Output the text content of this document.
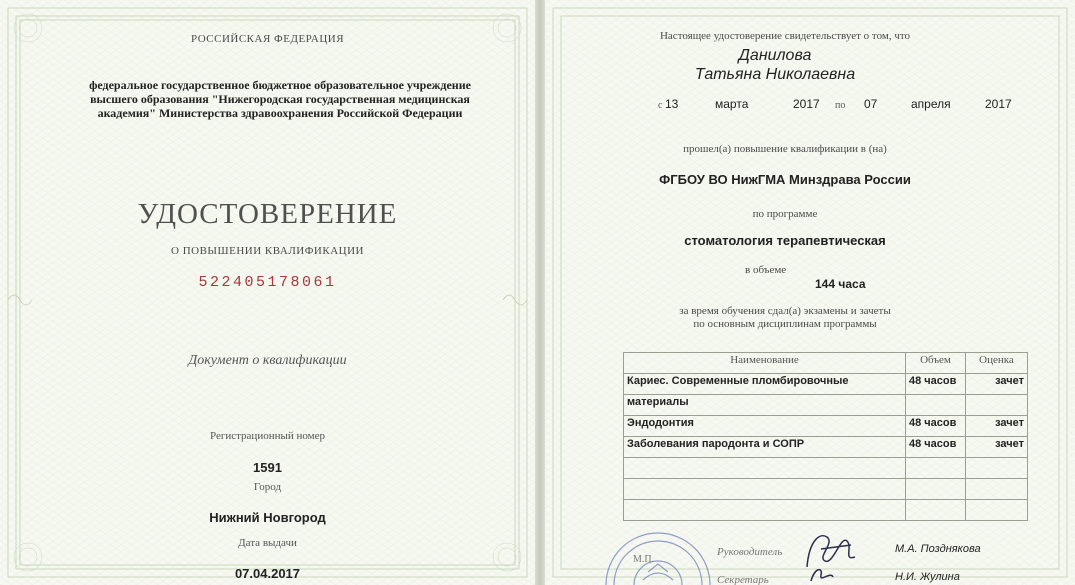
РОССИЙСКАЯ ФЕДЕРАЦИЯ
федеральное государственное бюджетное образовательное учреждение высшего образования "Нижегородская государственная медицинская академия" Министерства здравоохранения Российской Федерации
УДОСТОВЕРЕНИЕ
О ПОВЫШЕНИИ КВАЛИФИКАЦИИ
522405178061
Документ о квалификации
Регистрационный номер
1591
Город
Нижний Новгород
Дата выдачи
07.04.2017
Настоящее удостоверение свидетельствует о том, что
Данилова
Татьяна Николаевна
с 13	марта	2017 по 07	апреля	2017
прошел(а) повышение квалификации в (на)
ФГБОУ ВО НижГМА Минздрава России
по программе
стоматология терапевтическая
в объеме
144 часа
за время обучения сдал(а) экзамены и зачеты
по основным дисциплинам программы
Наименование	Объем	Оценка
Кариес. Современные пломбировочные	48 часов	зачет
материалы		
Эндодонтия	48 часов	зачет
Заболевания пародонта и СОПР	48 часов	зачет

М.П.
Руководитель
Секретарь
М.А. Позднякова
Н.И. Жулина
